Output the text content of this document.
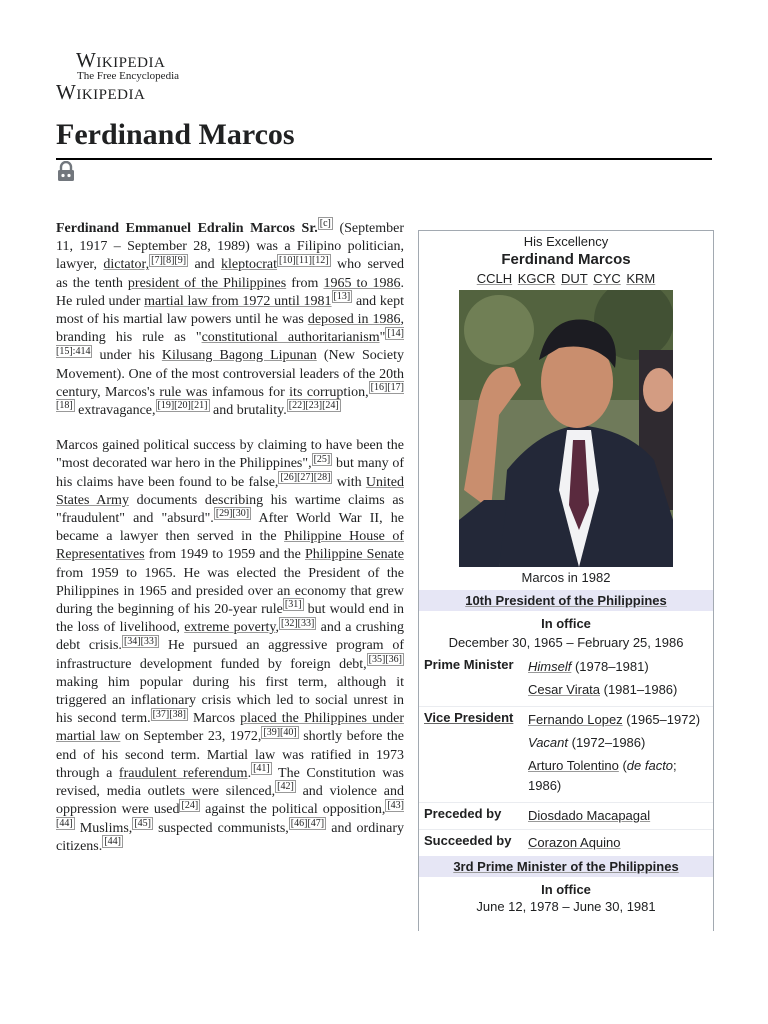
Wikipedia
The Free Encyclopedia
Wikipedia
Ferdinand Marcos

Ferdinand Emmanuel Edralin Marcos Sr. [c] (September 11, 1917 – September 28, 1989) was a Filipino politician, lawyer, dictator, [7][8][9] and kleptocrat [10][11][12] who served as the tenth president of the Philippines from 1965 to 1986. He ruled under martial law from 1972 until 1981 [13] and kept most of his martial law powers until he was deposed in 1986, branding his rule as "constitutional authoritarianism" $^{[14][15]:414}$ under his Kilusang Bagong Lipunan (New Society Movement). One of the most controversial leaders of the 20th century, Marcos's rule was infamous for its corruption, [16][17][18] extravagance, [19][20][21] and brutality. [22][23][24]

Marcos gained political success by claiming to have been the "most decorated war hero in the Philippines", [25] but many of his claims have been found to be false, [26][27][28] with United States Army documents describing his wartime claims as "fraudulent" and "absurd". [29][30] After World War II, he became a lawyer then served in the Philippine House of Representatives from 1949 to 1959 and the Philippine Senate from 1959 to 1965. He was elected the President of the Philippines in 1965 and presided over an economy that grew during the beginning of his 20-year rule [31] but would end in the loss of livelihood, extreme poverty, [32][33] and a crushing debt crisis. [34][33] He pursued an aggressive program of infrastructure development funded by foreign debt, [35][36] making him popular during his first term, although it triggered an inflationary crisis which led to social unrest in his second term. [37][38] Marcos placed the Philippines under martial law on September 23, 1972, [39][40] shortly before the end of his second term. Martial law was ratified in 1973 through a fraudulent referendum. [41] The Constitution was revised, media outlets were silenced, [42] and violence and oppression were used [24] against the political opposition, [43][44] Muslims, [45] suspected communists, [46][47] and ordinary citizens. [44]

His Excellency
Ferdinand Marcos
CCLH KGCR DUT CYC KRM
Marcos in 1982
10th President of the Philippines
In office
December 30, 1965 – February 25, 1986
Prime Minister	Himself (1978–1981)
Cesar Virata (1981–1986)
Vice President	Fernando Lopez (1965–1972)
Vacant (1972–1986)
Arturo Tolentino (de facto; 1986)
Preceded by	Diosdado Macapagal
Succeeded by	Corazon Aquino
3rd Prime Minister of the Philippines
In office
June 12, 1978 – June 30, 1981
